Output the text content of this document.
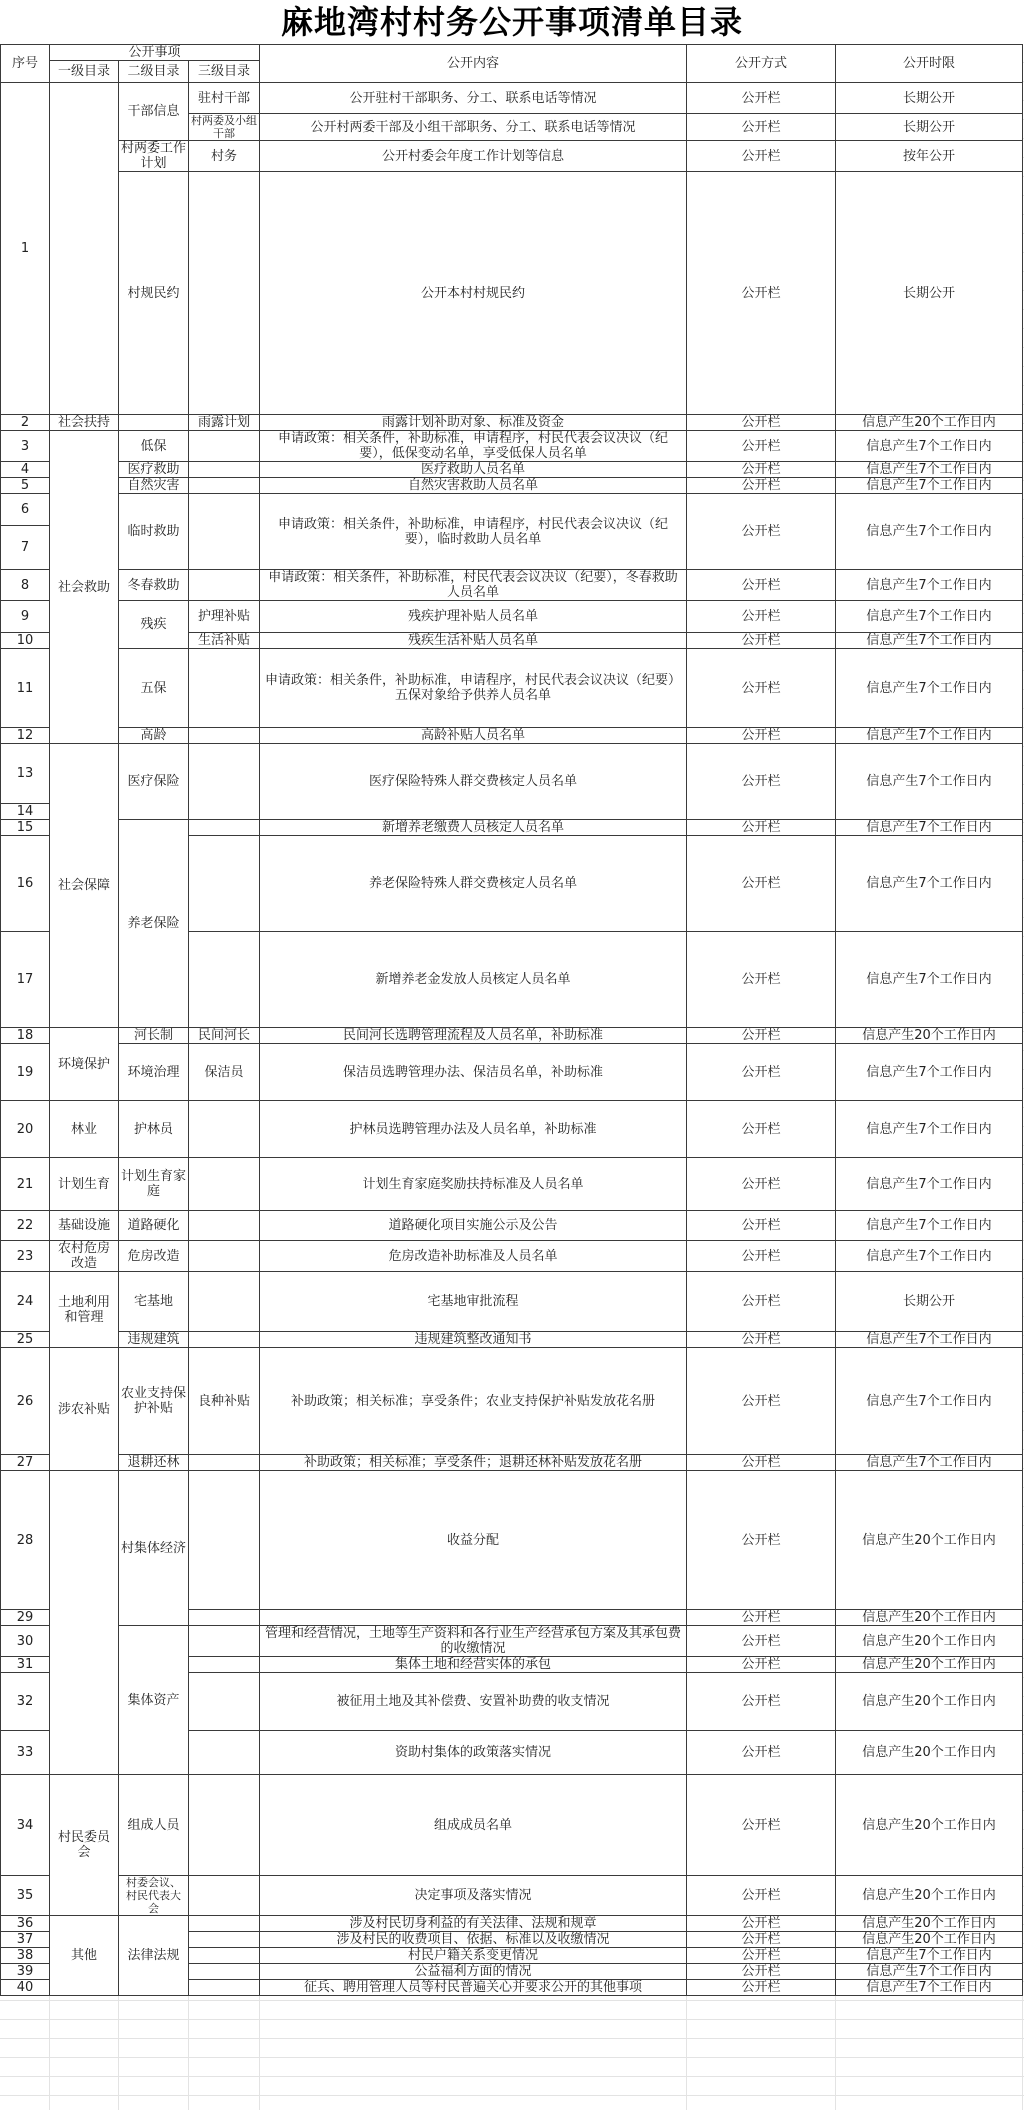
麻地湾村村务公开事项清单目录
序号	公开事项			公开内容	公开方式	公开时限
	一级目录	二级目录	三级目录			
1		干部信息	驻村干部	公开驻村干部职务、分工、联系电话等情况	公开栏	长期公开
			村两委及小组干部	公开村两委干部及小组干部职务、分工、联系电话等情况	公开栏	长期公开
		村两委工作计划	村务	公开村委会年度工作计划等信息	公开栏	按年公开
		村规民约		公开本村村规民约	公开栏	长期公开
2	社会扶持		雨露计划	雨露计划补助对象、标准及资金	公开栏	信息产生20个工作日内
3	社会救助	低保		申请政策：相关条件，补助标准，申请程序，村民代表会议决议（纪要），低保变动名单，享受低保人员名单	公开栏	信息产生7个工作日内
4		医疗救助		医疗救助人员名单	公开栏	信息产生7个工作日内
5		自然灾害		自然灾害救助人员名单	公开栏	信息产生7个工作日内
6		临时救助		申请政策：相关条件，补助标准，申请程序，村民代表会议决议（纪要），临时救助人员名单	公开栏	信息产生7个工作日内
7						
8		冬春救助		申请政策：相关条件，补助标准，村民代表会议决议（纪要），冬春救助人员名单	公开栏	信息产生7个工作日内
9		残疾	护理补贴	残疾护理补贴人员名单	公开栏	信息产生7个工作日内
10			生活补贴	残疾生活补贴人员名单	公开栏	信息产生7个工作日内
11		五保		申请政策：相关条件，补助标准，申请程序，村民代表会议决议（纪要）五保对象给予供养人员名单	公开栏	信息产生7个工作日内
12		高龄		高龄补贴人员名单	公开栏	信息产生7个工作日内
13	社会保障	医疗保险		医疗保险特殊人群交费核定人员名单	公开栏	信息产生7个工作日内
14						
15		养老保险		新增养老缴费人员核定人员名单	公开栏	信息产生7个工作日内
16				养老保险特殊人群交费核定人员名单	公开栏	信息产生7个工作日内
17				新增养老金发放人员核定人员名单	公开栏	信息产生7个工作日内
18	环境保护	河长制	民间河长	民间河长选聘管理流程及人员名单，补助标准	公开栏	信息产生20个工作日内
19		环境治理	保洁员	保洁员选聘管理办法、保洁员名单，补助标准	公开栏	信息产生7个工作日内
20	林业	护林员		护林员选聘管理办法及人员名单，补助标准	公开栏	信息产生7个工作日内
21	计划生育	计划生育家庭		计划生育家庭奖励扶持标准及人员名单	公开栏	信息产生7个工作日内
22	基础设施	道路硬化		道路硬化项目实施公示及公告	公开栏	信息产生7个工作日内
23	农村危房改造	危房改造		危房改造补助标准及人员名单	公开栏	信息产生7个工作日内
24	土地利用和管理	宅基地		宅基地审批流程	公开栏	长期公开
25		违规建筑		违规建筑整改通知书	公开栏	信息产生7个工作日内
26	涉农补贴	农业支持保护补贴	良种补贴	补助政策；相关标准；享受条件；农业支持保护补贴发放花名册	公开栏	信息产生7个工作日内
27		退耕还林		补助政策；相关标准；享受条件；退耕还林补贴发放花名册	公开栏	信息产生7个工作日内
28		村集体经济		收益分配	公开栏	信息产生20个工作日内
29					公开栏	信息产生20个工作日内
30		集体资产		管理和经营情况，土地等生产资料和各行业生产经营承包方案及其承包费的收缴情况	公开栏	信息产生20个工作日内
31				集体土地和经营实体的承包	公开栏	信息产生20个工作日内
32				被征用土地及其补偿费、安置补助费的收支情况	公开栏	信息产生20个工作日内
33				资助村集体的政策落实情况	公开栏	信息产生20个工作日内
34	村民委员会	组成人员		组成成员名单	公开栏	信息产生20个工作日内
35		村委会议、村民代表大会		决定事项及落实情况	公开栏	信息产生20个工作日内
36	其他	法律法规		涉及村民切身利益的有关法律、法规和规章	公开栏	信息产生20个工作日内
37				涉及村民的收费项目、依据、标准以及收缴情况	公开栏	信息产生20个工作日内
38				村民户籍关系变更情况	公开栏	信息产生7个工作日内
39				公益福利方面的情况	公开栏	信息产生7个工作日内
40				征兵、聘用管理人员等村民普遍关心并要求公开的其他事项	公开栏	信息产生7个工作日内
